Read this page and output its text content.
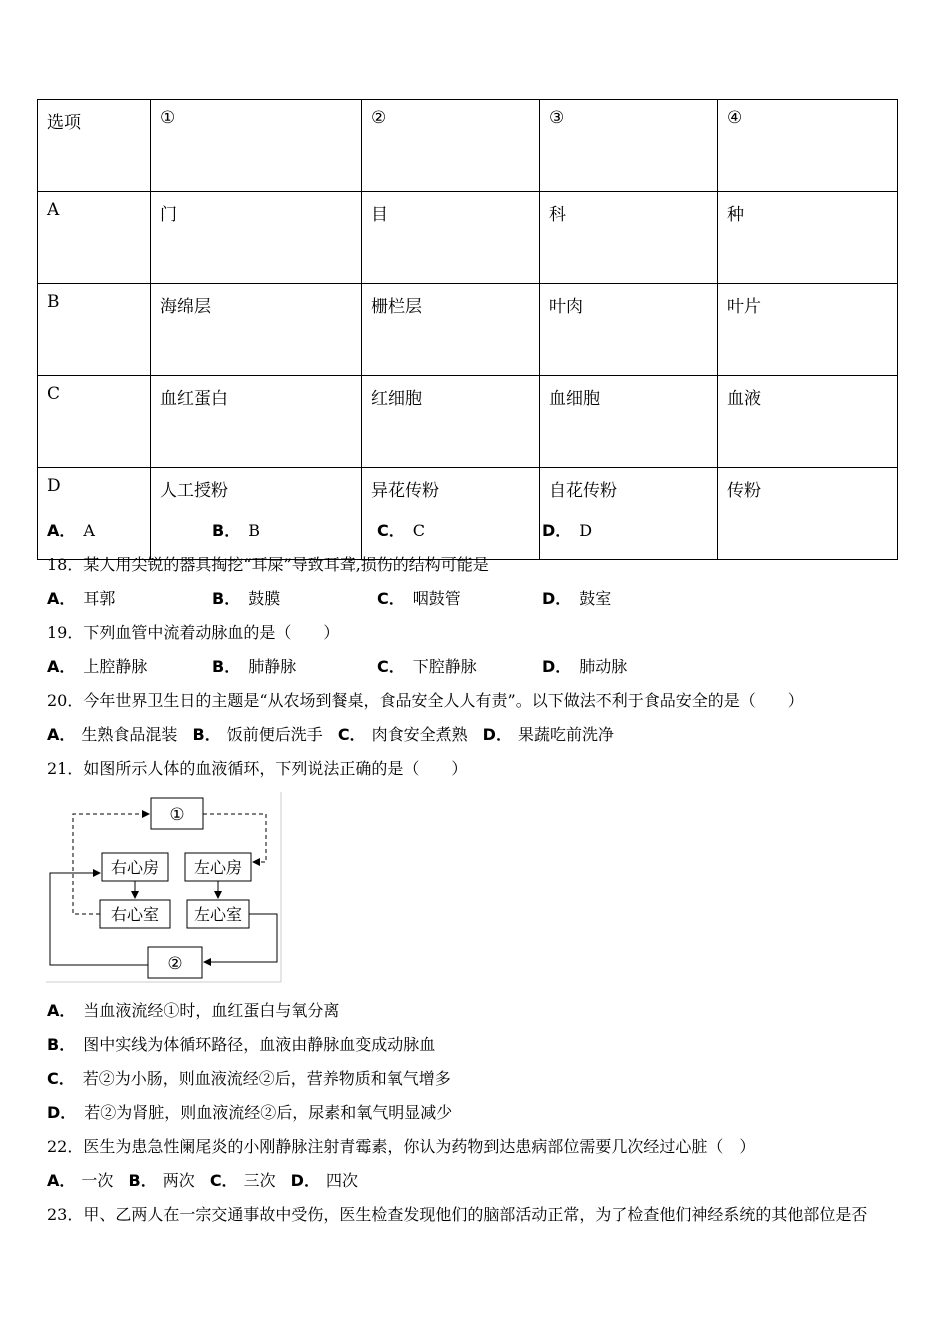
选项	①	②	③	④
A	门	目	科	种
B	海绵层	栅栏层	叶肉	叶片
C	血红蛋白	红细胞	血细胞	血液
D	人工授粉	异花传粉	自花传粉	传粉
A． A	B． B	C． C	D． D
18．某人用尖锐的器具掏挖“耳屎”导致耳聋,损伤的结构可能是
A． 耳郭	B． 鼓膜	C． 咽鼓管	D． 鼓室
19．下列血管中流着动脉血的是（　　）
A． 上腔静脉	B． 肺静脉	C． 下腔静脉	D． 肺动脉
20．今年世界卫生日的主题是“从农场到餐桌，食品安全人人有责”。以下做法不利于食品安全的是（　　）
A． 生熟食品混装 B． 饭前便后洗手 C． 肉食安全煮熟 D． 果蔬吃前洗净
21．如图所示人体的血液循环，下列说法正确的是（　　）
①
右心房 左心房
右心室 左心室
②
A． 当血液流经①时，血红蛋白与氧分离
B． 图中实线为体循环路径，血液由静脉血变成动脉血
C． 若②为小肠，则血液流经②后，营养物质和氧气增多
D． 若②为肾脏，则血液流经②后，尿素和氧气明显减少
22．医生为患急性阑尾炎的小刚静脉注射青霉素，你认为药物到达患病部位需要几次经过心脏（　）
A． 一次 B． 两次 C． 三次 D． 四次
23．甲、乙两人在一宗交通事故中受伤，医生检查发现他们的脑部活动正常，为了检查他们神经系统的其他部位是否
